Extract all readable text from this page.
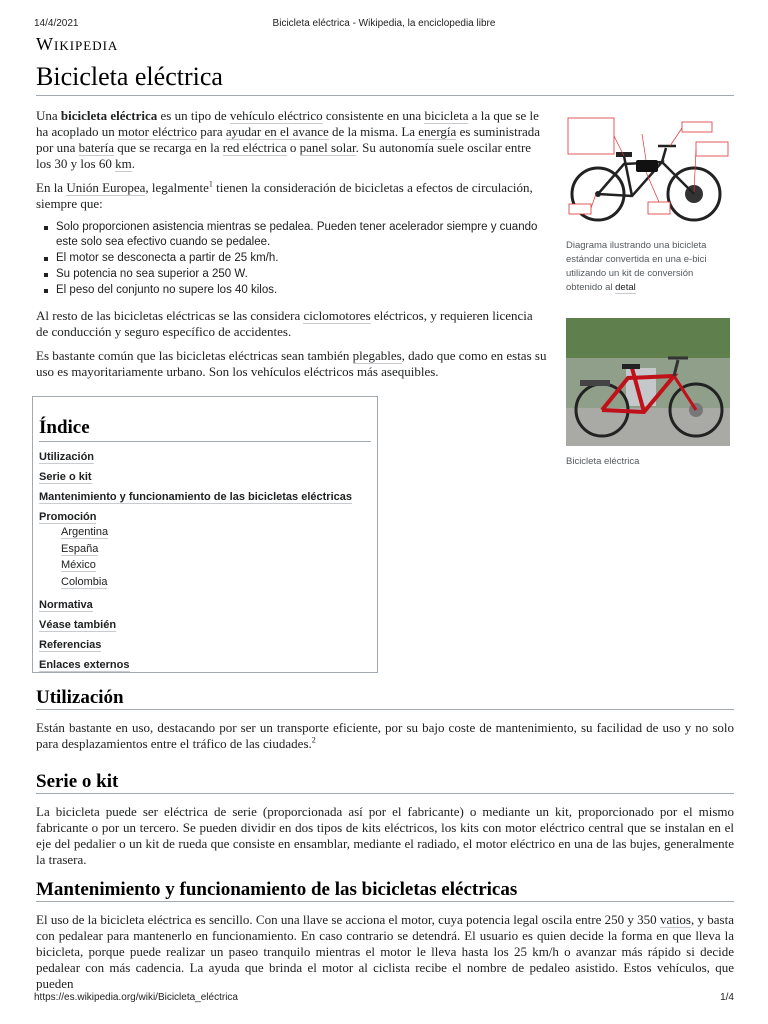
14/4/2021	Bicicleta eléctrica - Wikipedia, la enciclopedia libre
Wikipedia
Bicicleta eléctrica

Una bicicleta eléctrica es un tipo de vehículo eléctrico consistente en una bicicleta a la que se le ha acoplado un motor eléctrico para ayudar en el avance de la misma. La energía es suministrada por una batería que se recarga en la red eléctrica o panel solar. Su autonomía suele oscilar entre los 30 y los 60 km.

En la Unión Europea, legalmente$^1$ tienen la consideración de bicicletas a efectos de circulación, siempre que:

Solo proporcionen asistencia mientras se pedalea. Pueden tener acelerador siempre y cuando este solo sea efectivo cuando se pedalee.
El motor se desconecta a partir de 25 km/h.
Su potencia no sea superior a 250 W.
El peso del conjunto no supere los 40 kilos.

Al resto de las bicicletas eléctricas se las considera ciclomotores eléctricos, y requieren licencia de conducción y seguro específico de accidentes.

Es bastante común que las bicicletas eléctricas sean también plegables, dado que como en estas su uso es mayoritariamente urbano. Son los vehículos eléctricos más asequibles.

Diagrama ilustrando una bicicleta estándar convertida en una e-bici utilizando un kit de conversión obtenido al detal
Bicicleta eléctrica
Índice
Utilización
Serie o kit
Mantenimiento y funcionamiento de las bicicletas eléctricas
Promoción
Argentina
España
México
Colombia
Normativa
Véase también
Referencias
Enlaces externos
Utilización

Están bastante en uso, destacando por ser un transporte eficiente, por su bajo coste de mantenimiento, su facilidad de uso y no solo para desplazamientos entre el tráfico de las ciudades.$^2$

Serie o kit

La bicicleta puede ser eléctrica de serie (proporcionada así por el fabricante) o mediante un kit, proporcionado por el mismo fabricante o por un tercero. Se pueden dividir en dos tipos de kits eléctricos, los kits con motor eléctrico central que se instalan en el eje del pedalier o un kit de rueda que consiste en ensamblar, mediante el radiado, el motor eléctrico en una de las bujes, generalmente la trasera.

Mantenimiento y funcionamiento de las bicicletas eléctricas

El uso de la bicicleta eléctrica es sencillo. Con una llave se acciona el motor, cuya potencia legal oscila entre 250 y 350 vatios, y basta con pedalear para mantenerlo en funcionamiento. En caso contrario se detendrá. El usuario es quien decide la forma en que lleva la bicicleta, porque puede realizar un paseo tranquilo mientras el motor le lleva hasta los 25 km/h o avanzar más rápido si decide pedalear con más cadencia. La ayuda que brinda el motor al ciclista recibe el nombre de pedaleo asistido. Estos vehículos, que pueden

https://es.wikipedia.org/wiki/Bicicleta_eléctrica	1/4
